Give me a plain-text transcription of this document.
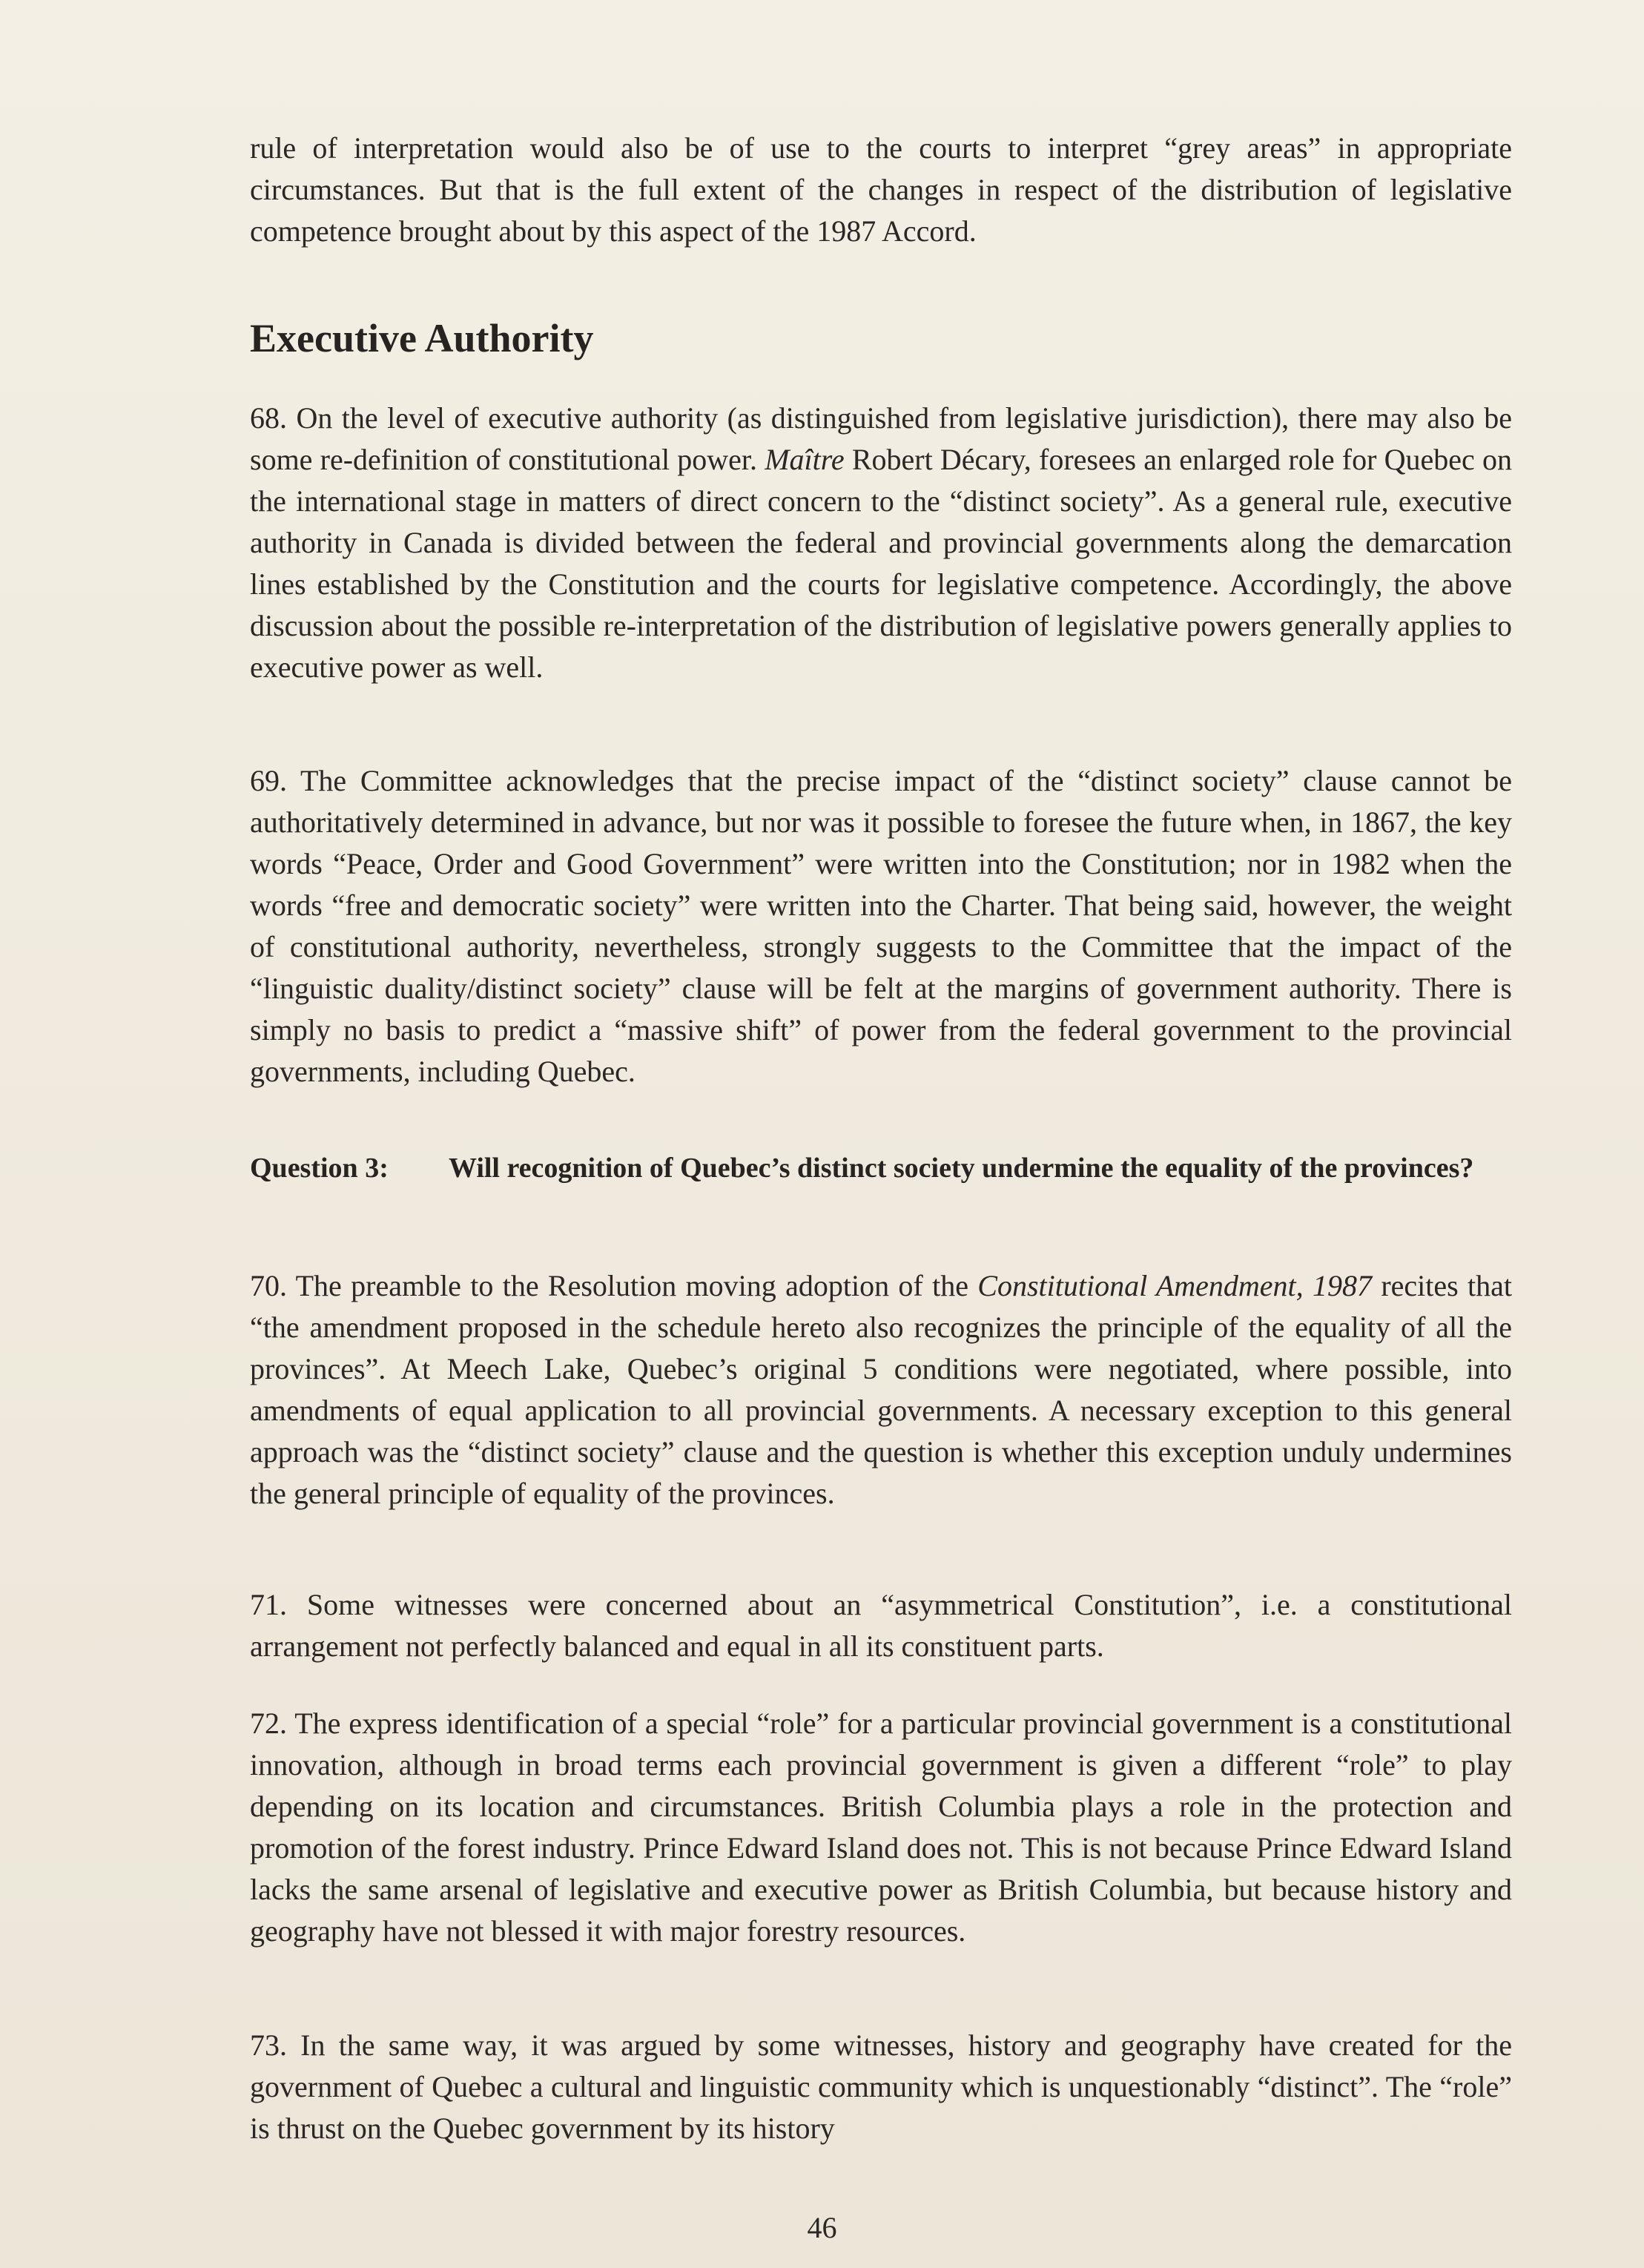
rule of interpretation would also be of use to the courts to interpret “grey areas” in appropriate circumstances. But that is the full extent of the changes in respect of the distribution of legislative competence brought about by this aspect of the 1987 Accord.

Executive Authority

68. On the level of executive authority (as distinguished from legislative jurisdiction), there may also be some re-definition of constitutional power. Maître Robert Décary, foresees an enlarged role for Quebec on the international stage in matters of direct concern to the “distinct society”. As a general rule, executive authority in Canada is divided between the federal and provincial governments along the demarcation lines established by the Constitution and the courts for legislative competence. Accordingly, the above discussion about the possible re-interpretation of the distribution of legislative powers generally applies to executive power as well.

69. The Committee acknowledges that the precise impact of the “distinct society” clause cannot be authoritatively determined in advance, but nor was it possible to foresee the future when, in 1867, the key words “Peace, Order and Good Government” were written into the Constitution; nor in 1982 when the words “free and democratic society” were written into the Charter. That being said, however, the weight of constitutional authority, nevertheless, strongly suggests to the Committee that the impact of the “linguistic duality/distinct society” clause will be felt at the margins of government authority. There is simply no basis to predict a “massive shift” of power from the federal government to the provincial governments, including Quebec.

Question 3:	Will recognition of Quebec’s distinct society undermine the equality of the provinces?

70. The preamble to the Resolution moving adoption of the Constitutional Amendment, 1987 recites that “the amendment proposed in the schedule hereto also recognizes the principle of the equality of all the provinces”. At Meech Lake, Quebec’s original 5 conditions were negotiated, where possible, into amendments of equal application to all provincial governments. A necessary exception to this general approach was the “distinct society” clause and the question is whether this exception unduly undermines the general principle of equality of the provinces.

71. Some witnesses were concerned about an “asymmetrical Constitution”, i.e. a constitutional arrangement not perfectly balanced and equal in all its constituent parts.

72. The express identification of a special “role” for a particular provincial government is a constitutional innovation, although in broad terms each provincial government is given a different “role” to play depending on its location and circumstances. British Columbia plays a role in the protection and promotion of the forest industry. Prince Edward Island does not. This is not because Prince Edward Island lacks the same arsenal of legislative and executive power as British Columbia, but because history and geography have not blessed it with major forestry resources.

73. In the same way, it was argued by some witnesses, history and geography have created for the government of Quebec a cultural and linguistic community which is unquestionably “distinct”. The “role” is thrust on the Quebec government by its history

46
